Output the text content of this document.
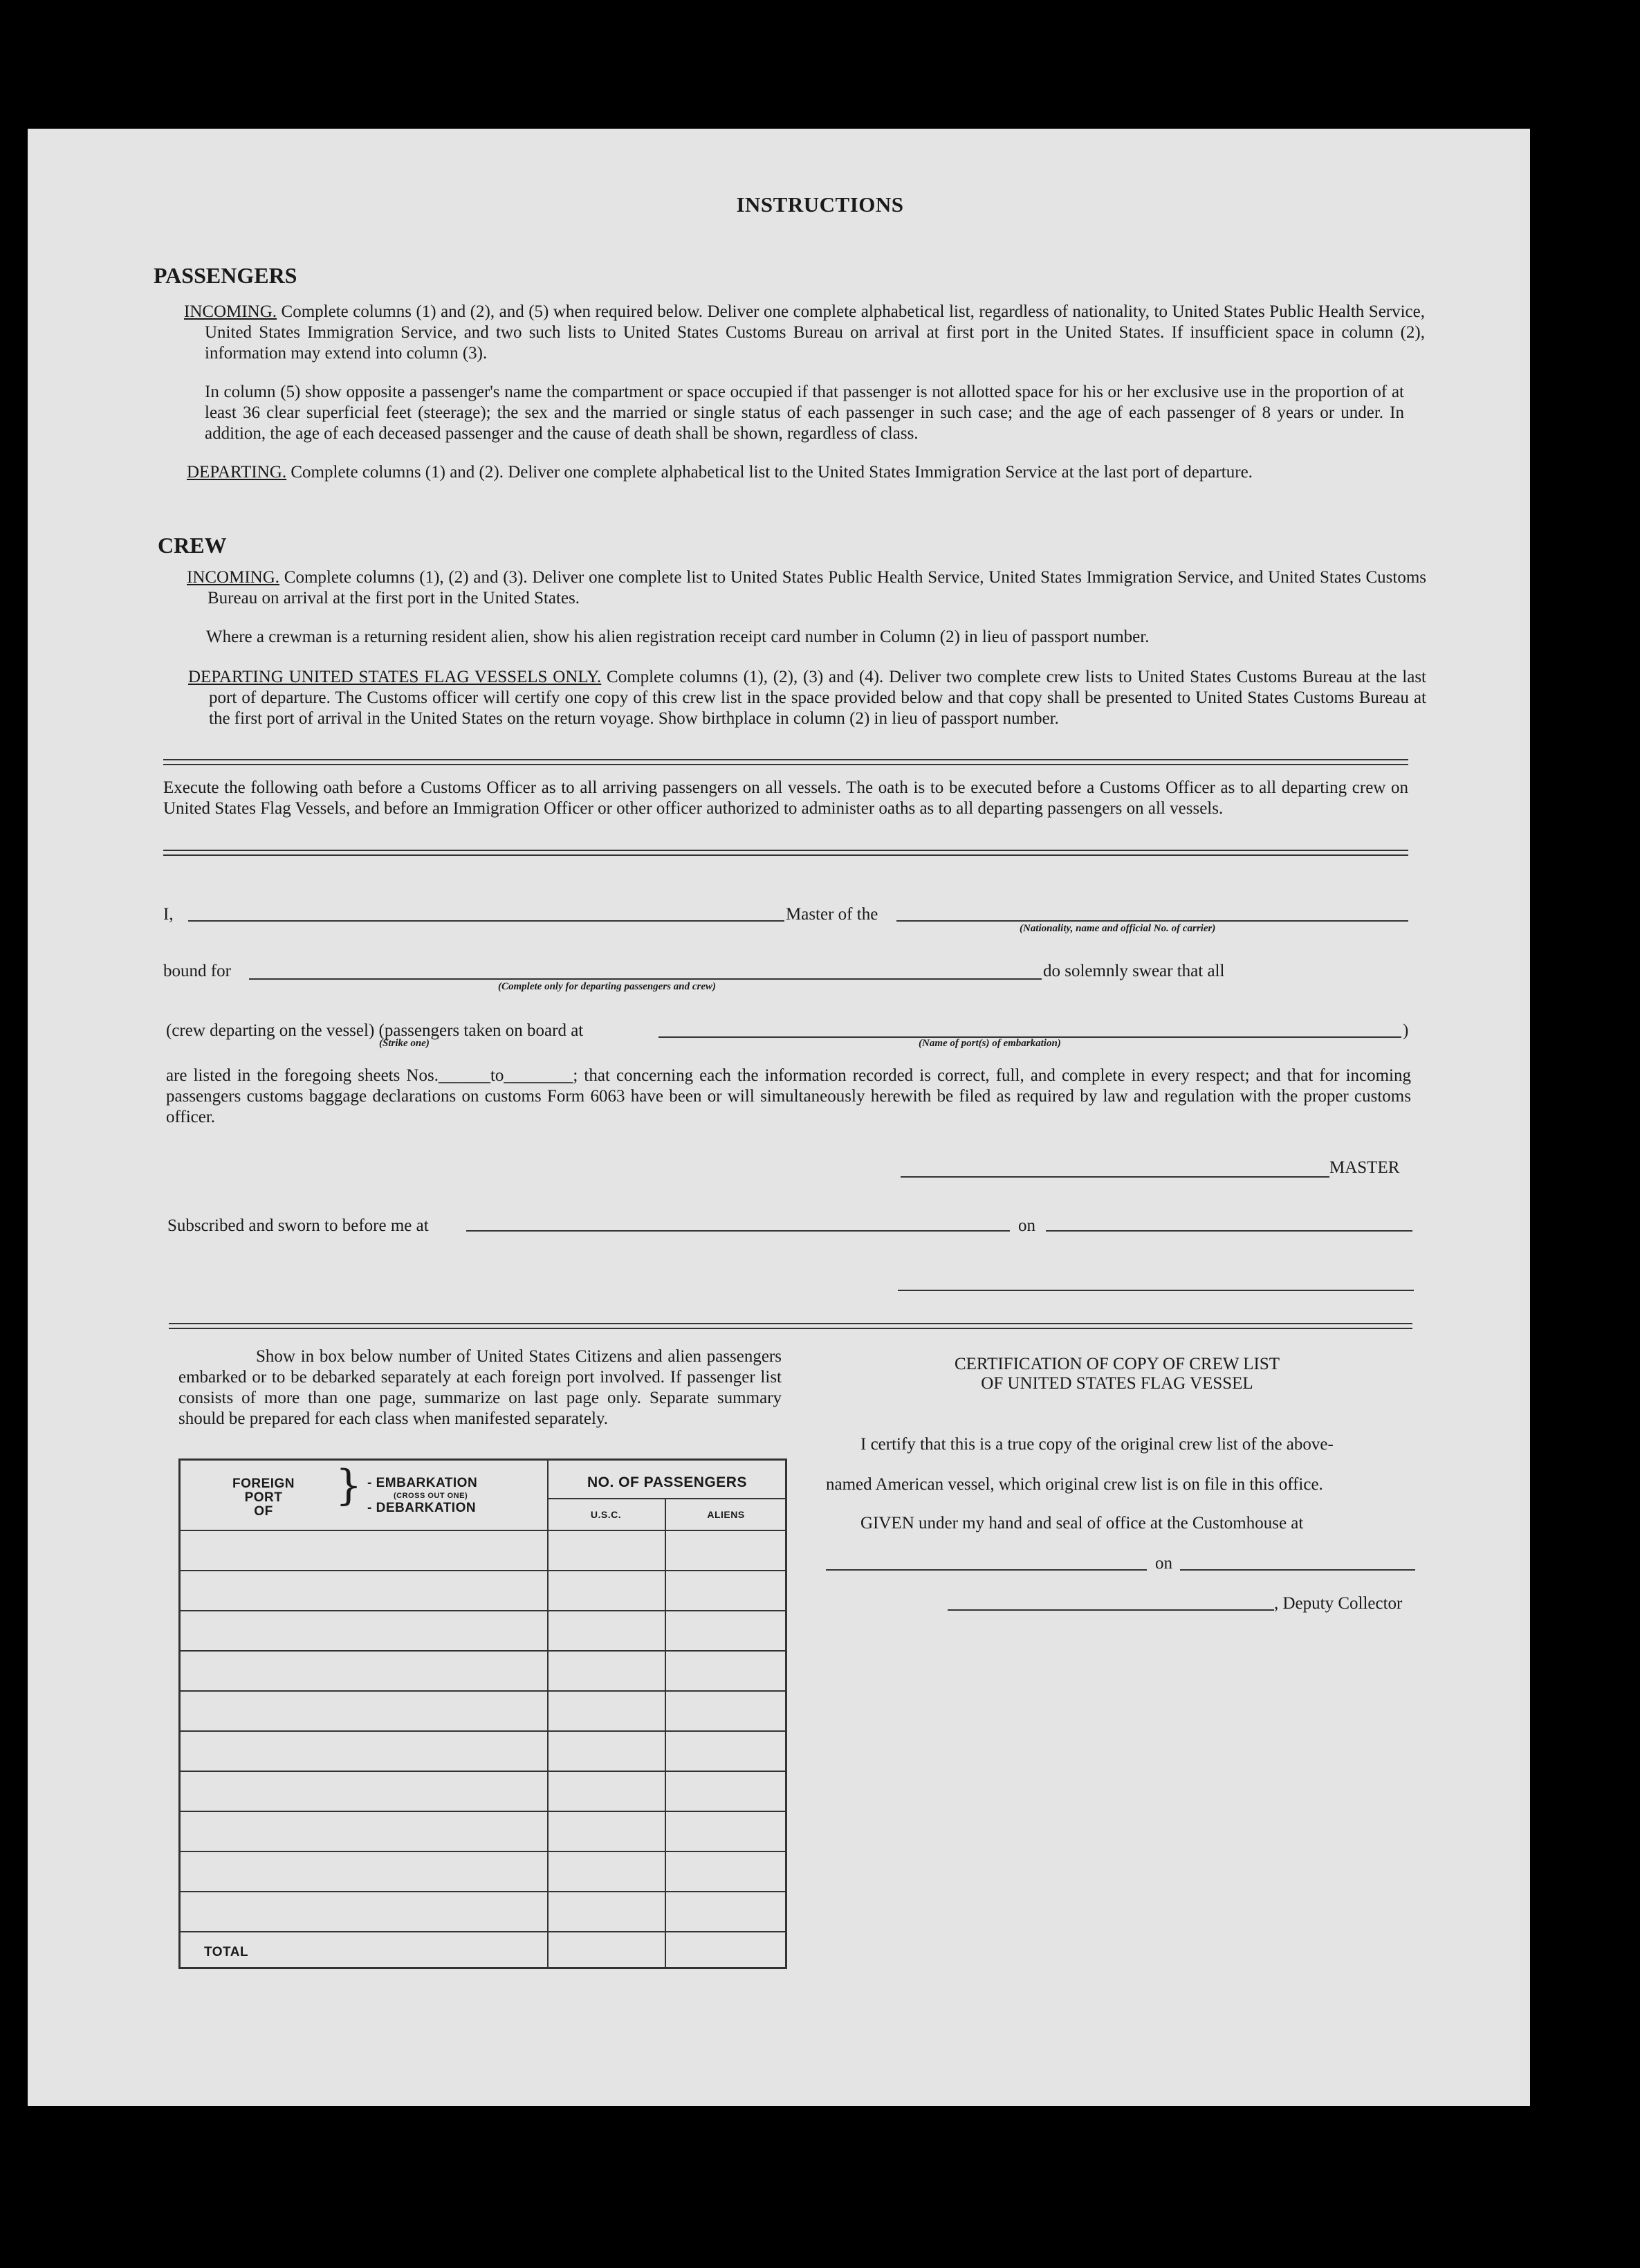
INSTRUCTIONS
PASSENGERS
INCOMING. Complete columns (1) and (2), and (5) when required below. Deliver one complete alphabetical list, regardless of nationality, to United States Public Health Service, United States Immigration Service, and two such lists to United States Customs Bureau on arrival at first port in the United States. If insufficient space in column (2), information may extend into column (3).
In column (5) show opposite a passenger's name the compartment or space occupied if that passenger is not allotted space for his or her exclusive use in the proportion of at least 36 clear superficial feet (steerage); the sex and the married or single status of each passenger in such case; and the age of each passenger of 8 years or under. In addition, the age of each deceased passenger and the cause of death shall be shown, regardless of class.
DEPARTING. Complete columns (1) and (2). Deliver one complete alphabetical list to the United States Immigration Service at the last port of departure.
CREW
INCOMING. Complete columns (1), (2) and (3). Deliver one complete list to United States Public Health Service, United States Immigration Service, and United States Customs Bureau on arrival at the first port in the United States.
Where a crewman is a returning resident alien, show his alien registration receipt card number in Column (2) in lieu of passport number.
DEPARTING UNITED STATES FLAG VESSELS ONLY. Complete columns (1), (2), (3) and (4). Deliver two complete crew lists to United States Customs Bureau at the last port of departure. The Customs officer will certify one copy of this crew list in the space provided below and that copy shall be presented to United States Customs Bureau at the first port of arrival in the United States on the return voyage. Show birthplace in column (2) in lieu of passport number.
Execute the following oath before a Customs Officer as to all arriving passengers on all vessels. The oath is to be executed before a Customs Officer as to all departing crew on United States Flag Vessels, and before an Immigration Officer or other officer authorized to administer oaths as to all departing passengers on all vessels.
I,	Master of the
(Nationality, name and official No. of carrier)
bound for	do solemnly swear that all
(Complete only for departing passengers and crew)
(crew departing on the vessel) (passengers taken on board at	)
(Strike one)	(Name of port(s) of embarkation)
are listed in the foregoing sheets Nos.______to________; that concerning each the information recorded is correct, full, and complete in every respect; and that for incoming passengers customs baggage declarations on customs Form 6063 have been or will simultaneously herewith be filed as required by law and regulation with the proper customs officer.
MASTER
Subscribed and sworn to before me at	on
Show in box below number of United States Citizens and alien passengers embarked or to be debarked separately at each foreign port involved. If passenger list consists of more than one page, summarize on last page only. Separate summary should be prepared for each class when manifested separately.
FOREIGN
PORT
OF
} - EMBARKATION
(CROSS OUT ONE)
- DEBARKATION
NO. OF PASSENGERS
U.S.C.	ALIENS
TOTAL
CERTIFICATION OF COPY OF CREW LIST
OF UNITED STATES FLAG VESSEL
I certify that this is a true copy of the original crew list of the above-
named American vessel, which original crew list is on file in this office.
GIVEN under my hand and seal of office at the Customhouse at
on
, Deputy Collector
